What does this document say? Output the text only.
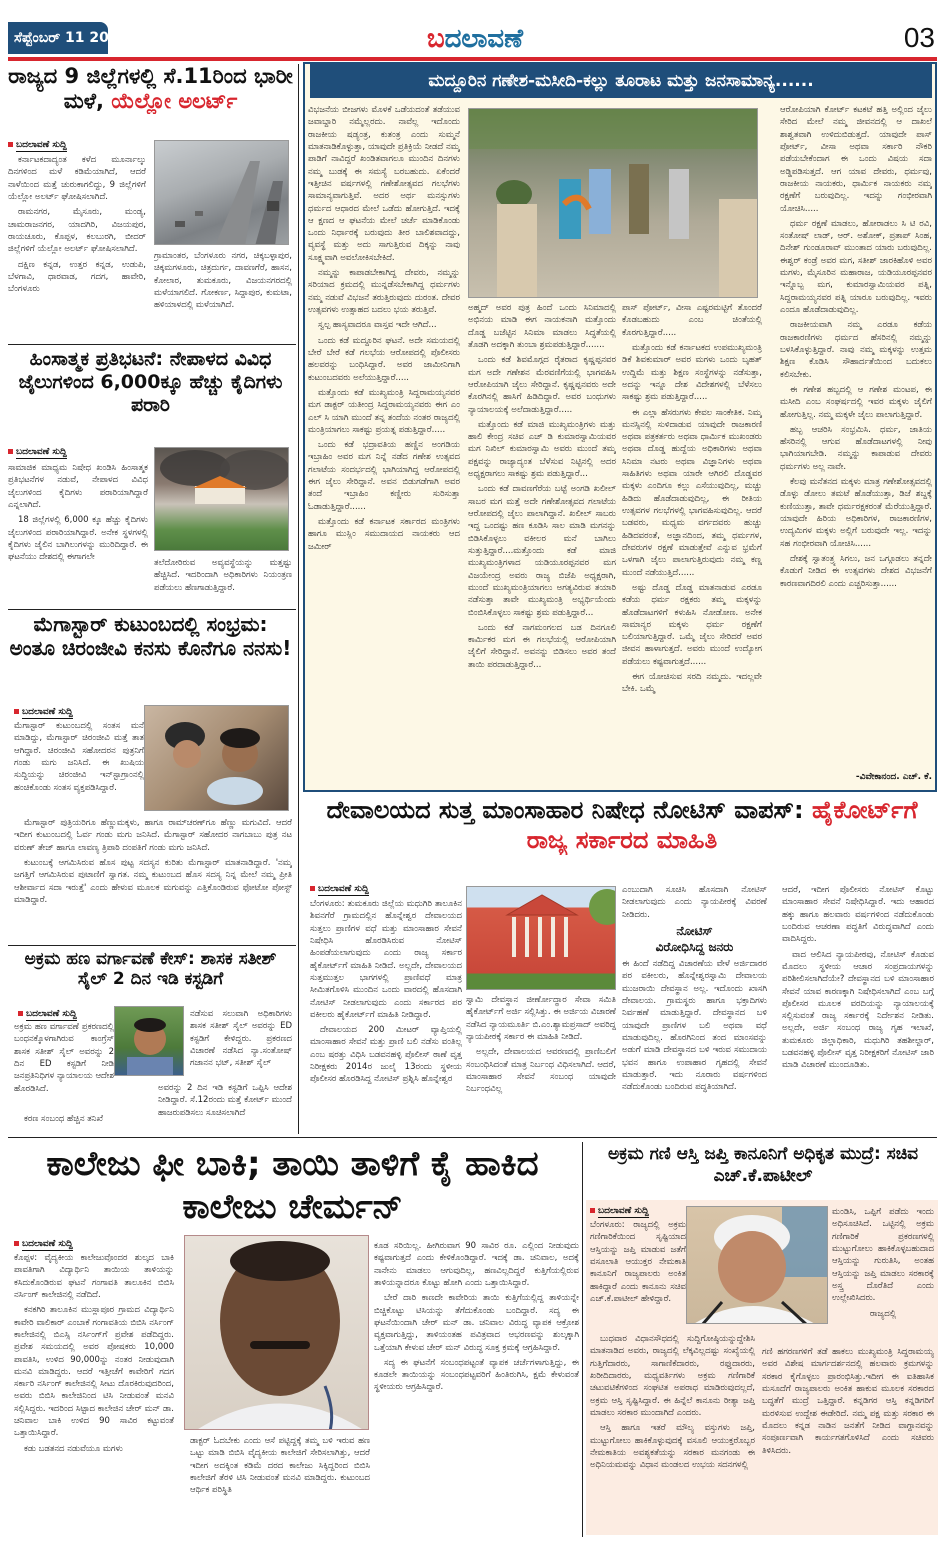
ಸೆಪ್ಟೆಂಬರ್ 11 2025	ಬದಲಾವಣೆ	03
ರಾಜ್ಯದ 9 ಜಿಲ್ಲೆಗಳಲ್ಲಿ ಸೆ.11ರಿಂದ ಭಾರೀ ಮಳೆ, ಯೆಲ್ಲೋ ಅಲರ್ಟ್
ಬದಲಾವಣೆ ಸುದ್ದಿ

ಕರ್ನಾಟಕದಾದ್ಯಂತ ಕಳೆದ ಮೂರ್ನಾಲ್ಕು ದಿನಗಳಿಂದ ಮಳೆ ಕಡಿಮೆಯಾಗಿದೆ, ಆದರೆ ನಾಳೆಯಿಂದ ಮತ್ತೆ ಚುರುಕಾಗಲಿದ್ದು, 9 ಜಿಲ್ಲೆಗಳಿಗೆ ಯೆಲ್ಲೋ ಅಲರ್ಟ್ ಘೋಷಿಸಲಾಗಿದೆ.

ರಾಮನಗರ, ಮೈಸೂರು, ಮಂಡ್ಯ, ಚಾಮರಾಜನಗರ, ಯಾದಗಿರಿ, ವಿಜಯಪುರ, ರಾಯಚೂರು, ಕೊಪ್ಪಳ, ಕಲಬುರಗಿ, ಬೀದರ್ ಜಿಲ್ಲೆಗಳಿಗೆ ಯೆಲ್ಲೋ ಅಲರ್ಟ್ ಘೋಷಿಸಲಾಗಿದೆ.

ದಕ್ಷಿಣ ಕನ್ನಡ, ಉತ್ತರ ಕನ್ನಡ, ಉಡುಪಿ, ಬೆಳಗಾವಿ, ಧಾರವಾಡ, ಗದಗ, ಹಾವೇರಿ, ಬೆಂಗಳೂರು

ಗ್ರಾಮಾಂತರ, ಬೆಂಗಳೂರು ನಗರ, ಚಿಕ್ಕಬಳ್ಳಾಪುರ, ಚಿಕ್ಕಮಗಳೂರು, ಚಿತ್ರದುರ್ಗ, ದಾವಣಗೆರೆ, ಹಾಸನ, ಕೋಲಾರ, ತುಮಕೂರು, ವಿಜಯನಗರದಲ್ಲಿ ಮಳೆಯಾಗಲಿದೆ. ಗೋಕರ್ಣ, ಸಿದ್ದಾಪುರ, ಕುಮಟಾ, ಹಳಿಯಾಳದಲ್ಲಿ ಮಳೆಯಾಗಿದೆ.

ಹಿಂಸಾತ್ಮಕ ಪ್ರತಿಭಟನೆ: ನೇಪಾಳದ ವಿವಿಧ ಜೈಲುಗಳಿಂದ 6,000ಕ್ಕೂ ಹೆಚ್ಚು ಕೈದಿಗಳು ಪರಾರಿ
ಬದಲಾವಣೆ ಸುದ್ದಿ

ಸಾಮಾಜಿಕ ಮಾಧ್ಯಮ ನಿಷೇಧ ಖಂಡಿಸಿ ಹಿಂಸಾತ್ಮಕ ಪ್ರತಿಭಟನೆಗಳ ನಡುವೆ, ನೇಪಾಳದ ವಿವಿಧ ಜೈಲುಗಳಿಂದ ಕೈದಿಗಳು ಪರಾರಿಯಾಗಿದ್ದಾರೆ ಎನ್ನಲಾಗಿದೆ.

18 ಜಿಲ್ಲೆಗಳಲ್ಲಿ 6,000 ಕ್ಕೂ ಹೆಚ್ಚು ಕೈದಿಗಳು ಜೈಲುಗಳಿಂದ ಪರಾರಿಯಾಗಿದ್ದಾರೆ. ಅನೇಕ ಸ್ಥಳಗಳಲ್ಲಿ ಕೈದಿಗಳು ಜೈಲಿನ ಬಾಗಿಲುಗಳನ್ನು ಮುರಿದಿದ್ದಾರೆ. ಈ ಘಟನೆಯು ದೇಶದಲ್ಲಿ ಈಗಾಗಲೇ

ತಲೆದೋರಿರುವ ಅವ್ಯವಸ್ಥೆಯನ್ನು ಮತ್ತಷ್ಟು ಹೆಚ್ಚಿಸಿದೆ. ಇದರಿಂದಾಗಿ ಅಧಿಕಾರಿಗಳು ನಿಯಂತ್ರಣ ಪಡೆಯಲು ಹೆಣಗಾಡುತ್ತಿದ್ದಾರೆ.

ಮೆಗಾಸ್ಟಾರ್ ಕುಟುಂಬದಲ್ಲಿ ಸಂಭ್ರಮ: ಅಂತೂ ಚಿರಂಜೀವಿ ಕನಸು ಕೊನೆಗೂ ನನಸು!
ಬದಲಾವಣೆ ಸುದ್ದಿ

ಮೆಗಾಸ್ಟಾರ್ ಕುಟುಂಬದಲ್ಲಿ ಸಂತಸ ಮನೆ ಮಾಡಿದ್ದು, ಮೆಗಾಸ್ಟಾರ್ ಚಿರಂಜೀವಿ ಮತ್ತೆ ತಾತ ಆಗಿದ್ದಾರೆ. ಚಿರಂಜೀವಿ ಸಹೋದರನ ಪುತ್ರನಿಗೆ ಗಂಡು ಮಗು ಜನಿಸಿದೆ. ಈ ಖುಷಿಯ ಸುದ್ದಿಯನ್ನು ಚಿರಂಜೀವಿ ಇನ್‌ಸ್ಟಾಗ್ರಾಂನಲ್ಲಿ ಹಂಚಿಕೊಂಡು ಸಂತಸ ವ್ಯಕ್ತಪಡಿಸಿದ್ದಾರೆ.

ಮೆಗಾಸ್ಟಾರ್ ಪುತ್ರಿಯರಿಗೂ ಹೆಣ್ಣುಮಕ್ಕಳು, ಹಾಗೂ ರಾಮ್‌ಚರಣ್‌ಗೂ ಹೆಣ್ಣು ಮಗುವಿದೆ. ಆದರೆ ಇದೀಗ ಕುಟುಂಬದಲ್ಲಿ ಓರ್ವ ಗಂಡು ಮಗು ಜನಿಸಿದೆ. ಮೆಗಾಸ್ಟಾರ್ ಸಹೋದರ ನಾಗಬಾಬು ಪುತ್ರ ನಟ ವರುಣ್ ತೇಜ್ ಹಾಗೂ ಲಾವಣ್ಯ ತ್ರಿಪಾಠಿ ದಂಪತಿಗೆ ಗಂಡು ಮಗು ಜನಿಸಿದೆ.

ಕುಟುಂಬಕ್ಕೆ ಆಗಮಿಸಿರುವ ಹೊಸ ಪುಟ್ಟ ಸದಸ್ಯನ ಕುರಿತು ಮೆಗಾಸ್ಟಾರ್ ಮಾತನಾಡಿದ್ದಾರೆ. 'ನಮ್ಮ ಜಗತ್ತಿಗೆ ಆಗಮಿಸಿರುವ ಪುಟಾಣಿಗೆ ಸ್ವಾಗತ. ನಮ್ಮ ಕುಟುಂಬದ ಹೊಸ ಸದಸ್ಯ ನಿನ್ನ ಮೇಲೆ ನಮ್ಮ ಪ್ರೀತಿ ಆಶೀರ್ವಾದ ಸದಾ ಇರುತ್ತೆ' ಎಂದು ಹೇಳುವ ಮೂಲಕ ಮಗುವನ್ನು ಎತ್ತಿಕೊಂಡಿರುವ ಫೋಟೋ ಪೋಸ್ಟ್ ಮಾಡಿದ್ದಾರೆ.

ಅಕ್ರಮ ಹಣ ವರ್ಗಾವಣೆ ಕೇಸ್: ಶಾಸಕ ಸತೀಶ್ ಸೈಲ್ 2 ದಿನ ಇಡಿ ಕಸ್ಟಡಿಗೆ
ಬದಲಾವಣೆ ಸುದ್ದಿ

ಅಕ್ರಮ ಹಣ ವರ್ಗಾವಣೆ ಪ್ರಕರಣದಲ್ಲಿ ಬಂಧನಕ್ಕೊಳಗಾಗಿರುವ ಕಾಂಗ್ರೆಸ್ ಶಾಸಕ ಸತೀಶ್ ಸೈಲ್ ಅವರನ್ನು 2 ದಿನ ED ಕಸ್ಟಡಿಗೆ ನೀಡಿ ಜನಪ್ರತಿನಿಧಿಗಳ ನ್ಯಾಯಾಲಯ ಆದೇಶ ಹೊರಡಿಸಿದೆ.

ಕರಣ ಸಂಬಂಧ ಹೆಚ್ಚಿನ ತನಿಖೆ

ನಡೆಸುವ ಸಲುವಾಗಿ ಅಧಿಕಾರಿಗಳು ಶಾಸಕ ಸತೀಶ್ ಸೈಲ್ ಅವರನ್ನು ED ಕಸ್ಟಡಿಗೆ ಕೇಳಿದ್ದರು. ಪ್ರಕರಣದ ವಿಚಾರಣೆ ನಡೆಸಿದ ನ್ಯಾ.ಸಂತೋಷ್ ಗಜಾನನ ಭಟ್, ಸತೀಶ್ ಸೈಲ್

ಅವರನ್ನು 2 ದಿನ ಇಡಿ ಕಸ್ಟಡಿಗೆ ಒಪ್ಪಿಸಿ ಆದೇಶ ನೀಡಿದ್ದಾರೆ. ಸೆ.12ರಂದು ಮತ್ತೆ ಕೋರ್ಟ್ ಮುಂದೆ ಹಾಜರುಪಡಿಸಲು ಸೂಚಿಸಲಾಗಿದೆ

ಮದ್ದೂರಿನ ಗಣೇಶ-ಮಸೀದಿ-ಕಲ್ಲು ತೂರಾಟ ಮತ್ತು ಜನಸಾಮಾನ್ಯ......

ವಿಭಜನೆಯ ಬೀಜಗಳು ಮೊಳಕೆ ಒಡೆಯದಂತೆ ತಡೆಯುವ ಜವಾಬ್ದಾರಿ ನಮ್ಮೆಲ್ಲರದು. ನಾವೆಲ್ಲ ಇದೊಂದು ರಾಜಕೀಯ ಷಡ್ಯಂತ್ರ, ಕುತಂತ್ರ ಎಂದು ಸುಮ್ಮನೆ ಮಾತನಾಡಿಕೊಳ್ಳುತ್ತಾ, ಯಾವುದೇ ಪ್ರತಿಕ್ರಿಯೆ ನೀಡದೆ ನಮ್ಮ ಪಾಡಿಗೆ ನಾವಿದ್ದರೆ ಖಂಡಿತವಾಗಲೂ ಮುಂದಿನ ದಿನಗಳು ನಮ್ಮ ಬುಡಕ್ಕೆ ಈ ಸಮಸ್ಯೆ ಬರಬಹುದು. ಏಕೆಂದರೆ ಇತ್ತೀಚಿನ ವರ್ಷಗಳಲ್ಲಿ ಗಣೇಶೋತ್ಸವದ ಗಲಭೆಗಳು ಸಾಮಾನ್ಯವಾಗುತ್ತಿವೆ. ಅದರ ಅರ್ಥ ಮನಸ್ಸುಗಳು ಧರ್ಮದ ಆಧಾರದ ಮೇಲೆ ಒಡೆದು ಹೋಗುತ್ತಿದೆ. ಇದಕ್ಕೆ ಆ ಕ್ಷಣದ ಆ ಘಟನೆಯ ಮೇಲೆ ಚರ್ಚೆ ಮಾಡಿಕೊಂಡು ಒಂದು ನಿರ್ಧಾರಕ್ಕೆ ಬರುವುದು ತೀರ ಬಾಲಿಶವಾದದ್ದು, ವ್ಯವಸ್ಥೆ ಮತ್ತು ಅದು ಸಾಗುತ್ತಿರುವ ದಿಕ್ಕನ್ನು ನಾವು ಸೂಕ್ಷ್ಮವಾಗಿ ಅವಲೋಕಿಸಬೇಕಿದೆ.

ನಮ್ಮನ್ನು ಕಾಪಾಡಬೇಕಾಗಿದ್ದ ದೇವರು, ನಮ್ಮನ್ನು ಸರಿಯಾದ ಕ್ರಮದಲ್ಲಿ ಮುನ್ನಡೆಸಬೇಕಾಗಿದ್ದ ಧರ್ಮಗಳು ನಮ್ಮ ನಡುವೆ ವಿಭಜನೆ ತರುತ್ತಿರುವುದು ದುರಂತ. ದೇವರ ಉತ್ಸವಗಳು ಉತ್ಸಾಹದ ಬದಲು ಭಯ ತರುತ್ತಿವೆ.

ಸ್ವಲ್ಪ ಹಾಸ್ಯವಾದರೂ ವಾಸ್ತವ ಇದೇ ಆಗಿದೆ...

ಒಂದು ಕಡೆ ಮದ್ದೂರಿನ ಘಟನೆ. ಅದೇ ಸಮಯದಲ್ಲಿ ಬೇರೆ ಬೇರೆ ಕಡೆ ಗಲಭೆಯ ಆರೋಪದಲ್ಲಿ ಪೊಲೀಸರು ಹಲವರನ್ನು ಬಂಧಿಸಿದ್ದಾರೆ. ಅವರ ಜಾಮೀನಿಗಾಗಿ ಕುಟುಂಬದವರು ಅಲೆಯುತ್ತಿದ್ದಾರೆ.....

ಮತ್ತೊಂದು ಕಡೆ ಮುಖ್ಯಮಂತ್ರಿ ಸಿದ್ದರಾಮಯ್ಯನವರ ಮಗ ಡಾಕ್ಟರ್ ಯತೀಂದ್ರ ಸಿದ್ದರಾಮಯ್ಯನವರು ಈಗ ಎಂ ಎಲ್ ಸಿ ಯಾಗಿ ಮುಂದೆ ತನ್ನ ತಂದೆಯ ನಂತರ ರಾಜ್ಯದಲ್ಲಿ ಮಂತ್ರಿಯಾಗಲು ಸಾಕಷ್ಟು ಪ್ರಯತ್ನ ಪಡುತ್ತಿದ್ದಾರೆ.....

ಒಂದು ಕಡೆ ಭದ್ರಾವತಿಯ ಹಣ್ಣಿನ ಅಂಗಡಿಯ ಇಬ್ರಾಹಿಂ ಅವರ ಮಗ ನಿನ್ನೆ ನಡೆದ ಗಣೇಶ ಉತ್ಸವದ ಗಲಾಟೆಯ ಸಂದರ್ಭದಲ್ಲಿ ಭಾಗಿಯಾಗಿದ್ದ ಆರೋಪದಲ್ಲಿ ಈಗ ಜೈಲು ಸೇರಿದ್ದಾನೆ. ಅವನ ಬಿಡುಗಡೆಗಾಗಿ ಅವರ ತಂದೆ ಇಬ್ರಾಹಿಂ ಕಣ್ಣೀರು ಸುರಿಸುತ್ತಾ ಓಡಾಡುತ್ತಿದ್ದಾರೆ......

ಮತ್ತೊಂದು ಕಡೆ ಕರ್ನಾಟಕ ಸರ್ಕಾರದ ಮಂತ್ರಿಗಳು ಹಾಗೂ ಮುಸ್ಲಿಂ ಸಮುದಾಯದ ನಾಯಕರು ಆದ ಜಮೀರ್

ಅಹ್ಮದ್ ಅವರ ಪುತ್ರ ಹಿಂದೆ ಒಂದು ಸಿನಿಮಾದಲ್ಲಿ ಅಭಿನಯ ಮಾಡಿ ಈಗ ನಾಯಕನಾಗಿ ಮತ್ತೊಂದು ದೊಡ್ಡ ಬಜೆಟ್ಟಿನ ಸಿನಿಮಾ ಮಾಡಲು ಸಿದ್ಧತೆಯಲ್ಲಿ ತೊಡಗಿ ಅದಕ್ಕಾಗಿ ತುಂಬಾ ಶ್ರಮಪಡುತ್ತಿದ್ದಾರೆ.......

ಒಂದು ಕಡೆ ಶಿವಮೊಗ್ಗದ ರೈತರಾದ ಕೃಷ್ಣಪ್ಪನವರ ಮಗ ಅದೇ ಗಣೇಶನ ಮೆರವಣಿಗೆಯಲ್ಲಿ ಭಾಗವಹಿಸಿ ಆರೋಪಿಯಾಗಿ ಜೈಲು ಸೇರಿದ್ದಾನೆ. ಕೃಷ್ಣಪ್ಪನವರು ಅದೇ ಕೊರಗಿನಲ್ಲಿ ಹಾಸಿಗೆ ಹಿಡಿದಿದ್ದಾರೆ. ಅವರ ಬಂಧುಗಳು ನ್ಯಾಯಾಲಯಕ್ಕೆ ಅಲೆದಾಡುತ್ತಿದ್ದಾರೆ.....

ಮತ್ತೊಂದು ಕಡೆ ಮಾಜಿ ಮುಖ್ಯಮಂತ್ರಿಗಳು ಮತ್ತು ಹಾಲಿ ಕೇಂದ್ರ ಸಚಿವ ಎಚ್ ಡಿ ಕುಮಾರಸ್ವಾಮಿಯವರ ಮಗ ನಿಖಿಲ್ ಕುಮಾರಸ್ವಾಮಿ ಅವರು ಮುಂದೆ ತಮ್ಮ ಪಕ್ಷವನ್ನು ರಾಜ್ಯಾದ್ಯಂತ ಬೆಳೆಸುವ ನಿಟ್ಟಿನಲ್ಲಿ ಅದರ ಅಧ್ಯಕ್ಷರಾಗಲು ಸಾಕಷ್ಟು ಶ್ರಮ ಪಡುತ್ತಿದ್ದಾರೆ...

ಒಂದು ಕಡೆ ದಾವಣಗೆರೆಯ ಬಟ್ಟೆ ಅಂಗಡಿ ಖಲೀಲ್ ಸಾಬರ ಮಗ ಮತ್ತೆ ಅದೇ ಗಣೇಶೋತ್ಸವದ ಗಲಾಟೆಯ ಆರೋಪದಲ್ಲಿ ಜೈಲು ಪಾಲಾಗಿದ್ದಾನೆ. ಖಲೀಲ್ ಸಾಬರು ಇದ್ದ ಒಂದಷ್ಟು ಹಣ ಕೂಡಿಸಿ ಸಾಲ ಮಾಡಿ ಮಗನನ್ನು ಬಿಡಿಸಿಕೊಳ್ಳಲು ವಕೀಲರ ಮನೆ ಬಾಗಿಲು ಸುತ್ತುತ್ತಿದ್ದಾರೆ....ಮತ್ತೊಂದು ಕಡೆ ಮಾಜಿ ಮುಖ್ಯಮಂತ್ರಿಗಳಾದ ಯಡಿಯೂರಪ್ಪನವರ ಮಗ ವಿಜಯೇಂದ್ರ ಅವರು ರಾಜ್ಯ ಬಿಜೆಪಿ ಅಧ್ಯಕ್ಷರಾಗಿ, ಮುಂದೆ ಮುಖ್ಯಮಂತ್ರಿಯಾಗಲು ಅಗತ್ಯವಿರುವ ತಯಾರಿ ನಡೆಸುತ್ತಾ ತಾವೇ ಮುಖ್ಯಮಂತ್ರಿ ಅಭ್ಯರ್ಥಿಯೆಂದು ಬಿಂಬಿಸಿಕೊಳ್ಳಲು ಸಾಕಷ್ಟು ಶ್ರಮ ಪಡುತ್ತಿದ್ದಾರೆ...

ಒಂದು ಕಡೆ ನಾಗಮಂಗಲದ ಬಡ ದಿನಗೂಲಿ ಕಾರ್ಮಿಕರ ಮಗ ಈ ಗಲಭೆಯಲ್ಲಿ ಆರೋಪಿಯಾಗಿ ಜೈಲಿಗೆ ಸೇರಿದ್ದಾನೆ. ಅವನನ್ನು ಬಿಡಿಸಲು ಅವರ ತಂದೆ ತಾಯಿ ಪರದಾಡುತ್ತಿದ್ದಾರೆ...

ಪಾಸ್ ಪೋರ್ಟ್, ವೀಸಾ ಎಷ್ಟರಮಟ್ಟಿಗೆ ತೊಂದರೆ ಕೊಡಬಹುದು ಎಂಬ ಚಿಂತೆಯಲ್ಲಿ ಕೊರಗುತ್ತಿದ್ದಾರೆ.....

ಮತ್ತೊಂದು ಕಡೆ ಕರ್ನಾಟಕದ ಉಪಮುಖ್ಯಮಂತ್ರಿ ಡಿಕೆ ಶಿವಕುಮಾರ್ ಅವರ ಮಗಳು ಒಂದು ಬೃಹತ್ ಉದ್ದಿಮೆ ಮತ್ತು ಶಿಕ್ಷಣ ಸಂಸ್ಥೆಗಳನ್ನು ನಡೆಸುತ್ತಾ, ಅದನ್ನು ಇನ್ನೂ ದೇಶ ವಿದೇಶಗಳಲ್ಲಿ ಬೆಳೆಸಲು ಸಾಕಷ್ಟು ಶ್ರಮ ಪಡುತ್ತಿದ್ದಾರೆ.....

ಈ ಎಲ್ಲಾ ಹೆಸರುಗಳು ಕೇವಲ ಸಾಂಕೇತಿಕ. ನಿಮ್ಮ ಮನಸ್ಸಿನಲ್ಲಿ ಸುಳಿದಾಡುವ ಯಾವುದೇ ರಾಜಕಾರಣಿ ಅಥವಾ ಪತ್ರಕರ್ತರು ಅಥವಾ ಧಾರ್ಮಿಕ ಮುಖಂಡರು ಅಥವಾ ದೊಡ್ಡ ಹುದ್ದೆಯ ಅಧಿಕಾರಿಗಳು ಅಥವಾ ಸಿನಿಮಾ ನಟರು ಅಥವಾ ವಿಜ್ಞಾನಿಗಳು ಅಥವಾ ಸಾಹಿತಿಗಳು ಅಥವಾ ಯಾರೇ ಆಗಿರಲಿ ದೊಡ್ಡವರ ಮಕ್ಕಳು ಎಂದಿಗೂ ಕಲ್ಲು ಎಸೆಯುವುದಿಲ್ಲ, ಮಚ್ಚು ಹಿಡಿದು ಹೊಡೆದಾಡುವುದಿಲ್ಲ, ಈ ರೀತಿಯ ಉತ್ಸವಗಳ ಗಲಭೆಗಳಲ್ಲಿ ಭಾಗವಹಿಸುವುದಿಲ್ಲ. ಆದರೆ ಬಡವರು, ಮಧ್ಯಮ ವರ್ಗದವರು ಹುಚ್ಚು ಹಿಡಿದವರಂತೆ, ಅಜ್ಞಾನದಿಂದ, ತಮ್ಮ ಧರ್ಮಗಳ, ದೇವರುಗಳ ರಕ್ಷಣೆ ಮಾಡುತ್ತೇವೆ ಎನ್ನುವ ಭ್ರಮೆಗೆ ಒಳಗಾಗಿ ಜೈಲು ಪಾಲಾಗುತ್ತಿರುವುದು ನಮ್ಮ ಕಣ್ಣ ಮುಂದೆ ನಡೆಯುತ್ತಿದೆ......

ಅಷ್ಟು ದೊಡ್ಡ ದೊಡ್ಡ ಮಾತನಾಡುವ ಎರಡೂ ಕಡೆಯ ಧರ್ಮ ರಕ್ಷಕರು ತಮ್ಮ ಮಕ್ಕಳನ್ನು ಹೊಡೆದಾಟಗಳಿಗೆ ಕಳುಹಿಸಿ ನೋಡೋಣ. ಅನೇಕ ಸಾಮಾನ್ಯರ ಮಕ್ಕಳು ಧರ್ಮ ರಕ್ಷಣೆಗೆ ಬಲಿಯಾಗುತ್ತಿದ್ದಾರೆ. ಒಮ್ಮೆ ಜೈಲು ಸೇರಿದರೆ ಅವರ ಜೀವನ ಹಾಳಾಗುತ್ತದೆ. ಅವರು ಮುಂದೆ ಉದ್ಯೋಗ ಪಡೆಯಲು ಕಷ್ಟವಾಗುತ್ತದೆ......

ಈಗ ಯೋಚಿಸುವ ಸರದಿ ನಮ್ಮದು. ಇದಲ್ಲವೇ ಬೇಕಿ. ಒಮ್ಮೆ

ಆರೋಪಿಯಾಗಿ ಕೋರ್ಟ್ ಕಟಕಟೆ ಹತ್ತಿ ಅಲ್ಲಿಂದ ಜೈಲು ಸೇರಿದ ಮೇಲೆ ನಮ್ಮ ಜೀವನದಲ್ಲಿ ಆ ದಾಖಲೆ ಶಾಶ್ವತವಾಗಿ ಉಳಿದುಬಿಡುತ್ತದೆ. ಯಾವುದೇ ಪಾಸ್ ಪೋರ್ಟ್, ವೀಸಾ ಅಥವಾ ಸರ್ಕಾರಿ ನೌಕರಿ ಪಡೆಯಬೇಕೆಂದಾಗ ಈ ಒಂದು ವಿಷಯ ಸದಾ ಅಡ್ಡಿಪಡಿಸುತ್ತದೆ. ಆಗ ಯಾವ ದೇವರು, ಧರ್ಮವು, ರಾಜಕೀಯ ನಾಯಕರು, ಧಾರ್ಮಿಕ ನಾಯಕರು ನಮ್ಮ ರಕ್ಷಣೆಗೆ ಬರುವುದಿಲ್ಲ. ಇದನ್ನು ಗಂಭೀರವಾಗಿ ಯೋಚಿಸಿ.....

ಧರ್ಮ ರಕ್ಷಣೆ ಮಾಡಲು, ಹೋರಾಡಲು ಸಿ ಟಿ ರವಿ, ಸಂತೋಷ್ ಲಾಡ್, ಆರ್. ಅಶೋಕ್, ಪ್ರತಾಪ್ ಸಿಂಹ, ದಿನೇಶ್ ಗುಂಡೂರಾವ್ ಮುಂತಾದ ಯಾರು ಬರುವುದಿಲ್ಲ. ಈಶ್ವರ್ ಕಂಡ್ರೆ ಅವರ ಮಗ, ಸತೀಶ್ ಜಾರಕಿಹೊಳಿ ಅವರ ಮಗಳು, ಮೈಸೂರಿನ ಮಹಾರಾಜ, ಯಡಿಯೂರಪ್ಪನವರ ಇನ್ನೊಬ್ಬ ಮಗ, ಕುಮಾರಸ್ವಾಮಿಯವರ ಪತ್ನಿ, ಸಿದ್ದರಾಮಯ್ಯನವರ ಪತ್ನಿ ಯಾರೂ ಬರುವುದಿಲ್ಲ. ಇವರು ಎಂದೂ ಹೊಡೆದಾಡುವುದಿಲ್ಲ.

ರಾಜಕೀಯವಾಗಿ ನಮ್ಮ ಎರಡೂ ಕಡೆಯ ರಾಜಕಾರಣಿಗಳು ಧರ್ಮದ ಹೆಸರಿನಲ್ಲಿ ನಮ್ಮನ್ನು ಬಳಸಿಕೊಳ್ಳುತ್ತಿದ್ದಾರೆ. ನಾವು ನಮ್ಮ ಮಕ್ಕಳನ್ನು ಉತ್ತಮ ಶಿಕ್ಷಣ ಕೊಡಿಸಿ ಸೌಹಾರ್ದತೆಯಿಂದ ಬದುಕಲು ಕಲಿಸಬೇಕು.

ಈ ಗಣೇಶ ಹಬ್ಬದಲ್ಲಿ ಆ ಗಣೇಶ ಮಂಟಪ, ಈ ಮಸೀದಿ ಎಂಬ ಸಂಘರ್ಷದಲ್ಲಿ ಇವರ ಮಕ್ಕಳು ಜೈಲಿಗೆ ಹೋಗುತ್ತಿಲ್ಲ. ನಮ್ಮ ಮಕ್ಕಳೇ ಜೈಲು ಪಾಲಾಗುತ್ತಿದ್ದಾರೆ.

ಹಬ್ಬ ಆಚರಿಸಿ ಸಂಭ್ರಮಿಸಿ. ಧರ್ಮ, ಜಾತಿಯ ಹೆಸರಿನಲ್ಲಿ ಆಗುವ ಹೊಡೆದಾಟಗಳಲ್ಲಿ ನೀವು ಭಾಗಿಯಾಗಬೇಡಿ. ನಮ್ಮನ್ನು ಕಾಪಾಡುವ ದೇವರು ಧರ್ಮಗಳು ಅಲ್ಲ ನಾವೇ.

ಕೆಲವು ಮನೆತನದ ಮಕ್ಕಳು ಮಾತ್ರ ಗಣೇಶೋತ್ಸವದಲ್ಲಿ ಡೊಳ್ಳು ಡೋಲು ತಮಟೆ ಹೊಡೆಯುತ್ತಾ, ಡಿಜೆ ಶಬ್ದಕ್ಕೆ ಕುಣಿಯುತ್ತಾ, ತಾವೇ ಧರ್ಮರಕ್ಷಕರಂತೆ ಮೆರೆಯುತ್ತಿದ್ದಾರೆ. ಯಾವುದೇ ಹಿರಿಯ ಅಧಿಕಾರಿಗಳ, ರಾಜಕಾರಣಿಗಳ, ಉದ್ಯಮಿಗಳ ಮಕ್ಕಳು ಅಲ್ಲಿಗೆ ಬರುವುದೇ ಇಲ್ಲ. ಇದನ್ನು ಸಹ ಗಂಭೀರವಾಗಿ ಯೋಚಿಸಿ......

ದೇಶಕ್ಕೆ ಸ್ವಾತಂತ್ರ್ಯ ಸಿಗಲು, ಜನ ಒಗ್ಗೂಡಲು ತನ್ನದೇ ಕೊಡುಗೆ ನೀಡಿದ ಈ ಉತ್ಸವಗಳು ದೇಶದ ವಿಭಜನೆಗೆ ಕಾರಣವಾಗದಿರಲಿ ಎಂದು ಎಚ್ಚರಿಸುತ್ತಾ......

-ವಿವೇಕಾನಂದ. ಎಚ್. ಕೆ.
ದೇವಾಲಯದ ಸುತ್ತ ಮಾಂಸಾಹಾರ ನಿಷೇಧ ನೋಟಿಸ್ ವಾಪಸ್: ಹೈಕೋರ್ಟ್‌ಗೆ ರಾಜ್ಯ ಸರ್ಕಾರದ ಮಾಹಿತಿ
ಬದಲಾವಣೆ ಸುದ್ದಿ

ಬೆಂಗಳೂರು: ತುಮಕೂರು ಜಿಲ್ಲೆಯ ಮಧುಗಿರಿ ತಾಲೂಕಿನ ಶಿವನಗೆರೆ ಗ್ರಾಮದಲ್ಲಿನ ಹೊನ್ನೇಶ್ವರ ದೇವಾಲಯದ ಸುತ್ತಲು ಪ್ರಾಣಿಗಳ ವಧೆ ಮತ್ತು ಮಾಂಸಾಹಾರ ಸೇವನೆ ನಿಷೇಧಿಸಿ ಹೊರಡಿಸಿರುವ ನೋಟಿಸ್ ಹಿಂಪಡೆಯಲಾಗುವುದು ಎಂದು ರಾಜ್ಯ ಸರ್ಕಾರ ಹೈಕೋರ್ಟ್‌ಗೆ ಮಾಹಿತಿ ನೀಡಿದೆ. ಅಲ್ಲದೇ, ದೇವಾಲಯದ ಸುತ್ತಮುತ್ತಲ ಭಾಗಗಳಲ್ಲಿ ಪ್ರಾಣಿವಧೆ ಮಾತ್ರ ಸೀಮಿತಗೊಳಿಸಿ ಮುಂದಿನ ಒಂದು ವಾರದಲ್ಲಿ ಹೊಸದಾಗಿ ನೋಟಿಸ್ ನೀಡಲಾಗುವುದು ಎಂದು ಸರ್ಕಾರದ ಪರ ವಕೀಲರು ಹೈಕೋರ್ಟ್‌ಗೆ ಮಾಹಿತಿ ನೀಡಿದ್ದಾರೆ.

ದೇವಾಲಯದ 200 ಮೀಟರ್ ವ್ಯಾಪ್ತಿಯಲ್ಲಿ ಮಾಂಸಾಹಾರ ಸೇವನೆ ಮತ್ತು ಪ್ರಾಣಿ ಬಲಿ ನಡೆಸು ವಂತಿಲ್ಲ ಎಂಬ ಷರತ್ತು ವಿಧಿಸಿ ಬಡವನಹಳ್ಳಿ ಪೊಲೀಸ್ ಠಾಣೆ ವೃತ್ತ ನಿರೀಕ್ಷಕರು 2014ರ ಜುಲೈ 13ರಂದು ಸ್ಥಳೀಯ ಪೊಲೀಸರ ಹೊರಡಿಸಿದ್ದ ನೋಟಿಸ್ ಪ್ರಶ್ನಿಸಿ ಹೊನ್ನೇಶ್ವರ

ಸ್ವಾಮಿ ದೇವಸ್ಥಾನ ಜೀರ್ಣೋದ್ಧಾರ ಸೇವಾ ಸಮಿತಿ ಹೈಕೋರ್ಟ್‌ಗೆ ಅರ್ಜಿ ಸಲ್ಲಿಸಿತ್ತು. ಈ ಅರ್ಜಿಯ ವಿಚಾರಣೆ ನಡೆಸಿದ ನ್ಯಾಯಮೂರ್ತಿ ಬಿ.ಎಂ.ಶ್ಯಾಮಪ್ರಸಾದ್ ಅವರಿದ್ದ ನ್ಯಾಯಪೀಠಕ್ಕೆ ಸರ್ಕಾರ ಈ ಮಾಹಿತಿ ನೀಡಿದೆ.

ಅಲ್ಲದೇ, ದೇವಾಲಯದ ಆವರಣದಲ್ಲಿ ಪ್ರಾಣಿಬಲಿಗೆ ಸಂಬಂಧಿಸಿದಂತೆ ಮಾತ್ರ ನಿರ್ಬಂಧ ವಿಧಿಸಲಾಗಿದೆ. ಆದರೆ, ಮಾಂಸಾಹಾರ ಸೇವನೆ ಸಂಬಂಧ ಯಾವುದೇ ನಿರ್ಬಂಧವಿಲ್ಲ

ಎಂಬುದಾಗಿ ಸೂಚಿಸಿ ಹೊಸದಾಗಿ ನೋಟಿಸ್ ನೀಡಲಾಗುವುದು ಎಂದು ನ್ಯಾಯಪೀಠಕ್ಕೆ ವಿವರಣೆ ನೀಡಿದರು.

ನೋಟಿಸ್
ವಿರೋಧಿಸಿದ್ದ ಜನರು

ಈ ಹಿಂದೆ ನಡೆದಿದ್ದ ವಿಚಾರಣೆಯ ವೇಳೆ ಅರ್ಜಿದಾರರ ಪರ ವಕೀಲರು, ಹೊನ್ನೇಶ್ವರಸ್ವಾಮಿ ದೇವಾಲಯ ಮುಜರಾಯಿ ದೇವಸ್ಥಾನ ಅಲ್ಲ. ಇದೊಂದು ಖಾಸಗಿ ದೇವಾಲಯ. ಗ್ರಾಮಸ್ಥರು ಹಾಗೂ ಭಕ್ತಾದಿಗಳು ನಿರ್ವಹಣೆ ಮಾಡುತ್ತಿದ್ದಾರೆ. ದೇವಸ್ಥಾನದ ಬಳಿ ಯಾವುದೇ ಪ್ರಾಣಿಗಳ ಬಲಿ ಅಥವಾ ವಧೆ ಮಾಡುವುದಿಲ್ಲ. ಹೊರಗಿನಿಂದ ತಂದ ಮಾಂಸವನ್ನು ಅಡುಗೆ ಮಾಡಿ ದೇವಸ್ಥಾನದ ಬಳಿ ಇರುವ ಸಮುದಾಯ ಭವನ ಹಾಗೂ ಉಪಾಹಾರ ಗೃಹದಲ್ಲಿ ಸೇವನೆ ಮಾಡುತ್ತಾರೆ. ಇದು ನೂರಾರು ವರ್ಷಗಳಿಂದ ನಡೆದುಕೊಂಡು ಬಂದಿರುವ ಪದ್ಧತಿಯಾಗಿದೆ.

ಆದರೆ, ಇದೀಗ ಪೊಲೀಸರು ನೋಟಿಸ್ ಕೊಟ್ಟು ಮಾಂಸಾಹಾರ ಸೇವನೆ ನಿಷೇಧಿಸಿದ್ದಾರೆ. ಇದು ಆಹಾರದ ಹಕ್ಕು ಹಾಗೂ ಹಲವಾರು ವರ್ಷಗಳಿಂದ ನಡೆದುಕೊಂಡು ಬಂದಿರುವ ಆಚರಣಾ ಪದ್ಧತಿಗೆ ವಿರುದ್ಧವಾಗಿದೆ ಎಂದು ವಾದಿಸಿದ್ದರು.

ವಾದ ಆಲಿಸಿದ ನ್ಯಾಯಪೀಠವು, ನೋಟಿಸ್ ಕೊಡುವ ಮೊದಲು ಸ್ಥಳೀಯ ಆಚಾರ ಸಂಪ್ರದಾಯಗಳನ್ನು ಪರಿಶೀಲಿಸಲಾಗಿದೆಯೇ? ದೇವಸ್ಥಾನದ ಬಳಿ ಮಾಂಸಾಹಾರ ಸೇವನೆ ಯಾವ ಕಾರಣಕ್ಕಾಗಿ ನಿಷೇಧಿಸಲಾಗಿದೆ ಎಂಬ ಬಗ್ಗೆ ಪೊಲೀಸರ ಮೂಲಕ ವರದಿಯನ್ನು ನ್ಯಾಯಾಲಯಕ್ಕೆ ಸಲ್ಲಿಸುವಂತೆ ರಾಜ್ಯ ಸರ್ಕಾರಕ್ಕೆ ನಿರ್ದೇಶನ ನೀಡಿತು. ಅಲ್ಲದೇ, ಅರ್ಜಿ ಸಂಬಂಧ ರಾಜ್ಯ ಗೃಹ ಇಲಾಖೆ, ತುಮಕೂರು ಜಿಲ್ಲಾಧಿಕಾರಿ, ಮಧುಗಿರಿ ತಹಶೀಲ್ದಾರ್, ಬಡವನಹಳ್ಳಿ ಪೊಲೀಸ್ ವೃತ್ತ ನಿರೀಕ್ಷಕರಿಗೆ ನೋಟಿಸ್ ಜಾರಿ ಮಾಡಿ ವಿಚಾರಣೆ ಮುಂದೂಡಿತು.

ಕಾಲೇಜು ಫೀ ಬಾಕಿ; ತಾಯಿ ತಾಳಿಗೆ ಕೈ ಹಾಕಿದ ಕಾಲೇಜು ಚೇರ್ಮನ್
ಬದಲಾವಣೆ ಸುದ್ದಿ

ಕೊಪ್ಪಳ: ವೈದ್ಯಕೀಯ ಕಾಲೇಜುವೊಂದರ ಶುಲ್ಕದ ಬಾಕಿ ಪಾವತಿಗಾಗಿ ವಿದ್ಯಾರ್ಥಿನಿ ತಾಯಿಯ ತಾಳಿಯನ್ನು ಕಸಿದುಕೊಂಡಿರುವ ಘಟನೆ ಗಂಗಾವತಿ ತಾಲೂಕಿನ ಬಿಬಿಸಿ ನರ್ಸಿಂಗ್ ಕಾಲೇಜಿನಲ್ಲಿ ನಡೆದಿದೆ.

ಕನಕಗಿರಿ ತಾಲೂಕಿನ ಮುಸ್ಲಾಪೂರ ಗ್ರಾಮದ ವಿದ್ಯಾರ್ಥಿನಿ ಕಾವೇರಿ ವಾಲಿಕಾರ್ ಎಂಬಾಕೆ ಗಂಗಾವತಿಯ ಬಿಬಿಸಿ ನರ್ಸಿಂಗ್ ಕಾಲೇಜಿನಲ್ಲಿ ಬಿಎಸ್ಸಿ ನರ್ಸಿಂಗ್‌ಗೆ ಪ್ರವೇಶ ಪಡೆದಿದ್ದರು. ಪ್ರವೇಶ ಸಮಯದಲ್ಲಿ ಅವರ ಪೋಷಕರು 10,000 ಪಾವತಿಸಿ, ಉಳಿದ 90,000ನ್ನು ನಂತರ ನೀಡುವುದಾಗಿ ಮನವಿ ಮಾಡಿದ್ದರು. ಆದರೆ ಇತ್ತೀಚೆಗೆ ಕಾವೇರಿಗೆ ಗದಗ ಸರ್ಕಾರಿ ನರ್ಸಿಂಗ್ ಕಾಲೇಜಿನಲ್ಲಿ ಸೀಟು ದೊರಕಿರುವುದರಿಂದ, ಅವರು ಬಿಬಿಸಿ ಕಾಲೇಜಿನಿಂದ ಟಿಸಿ ನೀಡುವಂತೆ ಮನವಿ ಸಲ್ಲಿಸಿದ್ದರು. ಇದರಿಂದ ಸಿಟ್ಟಾದ ಕಾಲೇಜಿನ ಚೇರ್ ಮನ್ ಡಾ. ಚನಿವಾಲ ಬಾಕಿ ಉಳಿದ 90 ಸಾವಿರ ಕಟ್ಟುವಂತೆ ಒತ್ತಾಯಿಸಿದ್ದಾರೆ.

ಕಡು ಬಡತನದ ನಡುವೆಯೂ ಮಗಳು

ಡಾಕ್ಟರ್ ಓದಬೇಕು ಎಂದು ಆಸೆ ಪಟ್ಟಿದ್ದಕ್ಕೆ ತಮ್ಮ ಬಳಿ ಇರುವ ಹಣ ಒಟ್ಟು ಮಾಡಿ ಬಿಬಿಸಿ ವೈದ್ಯಕೀಯ ಕಾಲೇಜಿಗೆ ಸೇರಿಸಲಾಗಿತ್ತು, ಆದರೆ ಇದೀಗ ಅದಕ್ಕಿಂತ ಕಡಿಮೆ ದರದ ಕಾಲೇಜು ಸಿಕ್ಕಿದ್ದರಿಂದ ಬಿಬಿಸಿ ಕಾಲೇಜಿಗೆ ತೆರಳಿ ಟಿಸಿ ನೀಡುವಂತೆ ಮನವಿ ಮಾಡಿದ್ದರು. ಕುಟುಂಬದ ಆರ್ಥಿಕ ಪರಿಸ್ಥಿತಿ

ಕೂಡ ಸರಿಯಿಲ್ಲ. ಹೀಗಿರುವಾಗ 90 ಸಾವಿರ ರೂ. ಎಲ್ಲಿಂದ ನೀಡುವುದು ಕಷ್ಟವಾಗುತ್ತದೆ ಎಂದು ಕೇಳಿಕೊಂಡಿದ್ದಾರೆ. ಇದಕ್ಕೆ ಡಾ. ಚನಿವಾಲ, ಅದಕ್ಕೆ ನಾನೇನು ಮಾಡಲು ಆಗುವುದಿಲ್ಲ, ಹಣವಿಲ್ಲದಿದ್ದರೆ ಕುತ್ತಿಗೆಯಲ್ಲಿರುವ ತಾಳಿಯನ್ನಾದರೂ ಕೊಟ್ಟು ಹೋಗಿ ಎಂದು ಒತ್ತಾಯಿಸಿದ್ದಾರೆ.

ಬೇರೆ ದಾರಿ ಕಾಣದೇ ಕಾವೇರಿಯ ತಾಯಿ ಕುತ್ತಿಗೆಯಲ್ಲಿದ್ದ ತಾಳಿಯನ್ನೇ ಬಿಚ್ಚಿಕೊಟ್ಟು ಟಿಸಿಯನ್ನು ತೆಗೆದುಕೊಂಡು ಬಂದಿದ್ದಾರೆ. ಸದ್ಯ ಈ ಘಟನೆಯಿಂದಾಗಿ ಚೇರ್ ಮನ್ ಡಾ. ಚನಿವಾಲ ವಿರುದ್ಧ ವ್ಯಾಪಕ ಆಕ್ರೋಶ ವ್ಯಕ್ತವಾಗುತ್ತಿದ್ದು, ತಾಳಿಯಂತಹ ಪವಿತ್ರವಾದ ಆಭರಣವನ್ನು ಶುಲ್ಕಕ್ಕಾಗಿ ಒತ್ತೆಯಾಗಿ ಕೇಳುವ ಚೇರ್ ಮನ್ ವಿರುದ್ಧ ಸೂಕ್ತ ಕ್ರಮಕ್ಕೆ ಆಗ್ರಹಿಸಿದ್ದಾರೆ.

ಸದ್ಯ ಈ ಘಟನೆಗೆ ಸಂಬಂಧಪಟ್ಟಂತೆ ವ್ಯಾಪಕ ಚರ್ಚೆಗಳಾಗುತ್ತಿದ್ದು, ಈ ಕೂಡಲೇ ತಾಯಿಯನ್ನು ಸಂಬಂಧಪಟ್ಟವರಿಗೆ ಹಿಂತಿರುಗಿಸಿ, ಕ್ಷಮೆ ಕೇಳುವಂತೆ ಸ್ಥಳೀಯರು ಆಗ್ರಹಿಸಿದ್ದಾರೆ.

ಅಕ್ರಮ ಗಣಿ ಆಸ್ತಿ ಜಪ್ತಿ ಕಾನೂನಿಗೆ ಅಧಿಕೃತ ಮುದ್ರೆ: ಸಚಿವ ಎಚ್.ಕೆ.ಪಾಟೀಲ್
ಬದಲಾವಣೆ ಸುದ್ದಿ

ಬೆಂಗಳೂರು: ರಾಜ್ಯದಲ್ಲಿ ಅಕ್ರಮ ಗಣಿಗಾರಿಕೆಯಿಂದ ಸೃಷ್ಟಿಯಾದ ಆಸ್ತಿಯನ್ನು ಜಪ್ತಿ ಮಾಡುವ ಜತೆಗೆ ವಸೂಲಾತಿ ಆಯುಕ್ತರ ನೇಮಕಾತಿ ಕಾನೂನಿಗೆ ರಾಜ್ಯಪಾಲರು ಅಂಕಿತ ಹಾಕಿದ್ದಾರೆ ಎಂದು ಕಾನೂನು ಸಚಿವ ಎಚ್.ಕೆ.ಪಾಟೀಲ್ ಹೇಳಿದ್ದಾರೆ.

ಮಂಡಿಸಿ, ಒಪ್ಪಿಗೆ ಪಡೆದು ಇಂದು ಅಧಿಸೂಚಿಸಿದೆ. ಒಟ್ಟಿನಲ್ಲಿ ಅಕ್ರಮ ಗಣಿಗಾರಿಕೆ ಪ್ರಕರಣಗಳಲ್ಲಿ ಮುಟ್ಟುಗೋಲು ಹಾಕಿಕೊಳ್ಳಬಹುದಾದ ಆಸ್ತಿಯನ್ನು ಗುರುತಿಸಿ, ಅಂತಹ ಆಸ್ತಿಯನ್ನು ಜಪ್ತಿ ಮಾಡಲು ಸರಕಾರಕ್ಕೆ ಅಸ್ತ್ರ ದೊರೆತಿದೆ ಎಂದು ಉಲ್ಲೇಖಿಸಿದರು.

ರಾಜ್ಯದಲ್ಲಿ

ಬುಧವಾರ ವಿಧಾನಸೌಧದಲ್ಲಿ ಸುದ್ದಿಗೋಷ್ಠಿಯನ್ನುದ್ದೇಶಿಸಿ ಮಾತನಾಡಿದ ಅವರು, ರಾಜ್ಯದಲ್ಲಿ ಲೆಕ್ಕವಿಲ್ಲದಷ್ಟು ಸಂಖ್ಯೆಯಲ್ಲಿ ಗುತ್ತಿಗೆದಾರರು, ಸಾಗಾಣಿಕೆದಾರರು, ರಫ್ತುದಾರರು, ಖರೀದಿದಾರರು, ಮಧ್ಯವರ್ತಿಗಳು ಅಕ್ರಮ ಗಣಿಗಾರಿಕೆ ಚಟುವಟಿಕೆಗಳಿಂದ ಸಂಘಟಿತ ಅಪರಾಧ ಮಾಡಿರುವುದಲ್ಲದೆ, ಅಕ್ರಮ ಆಸ್ತಿ ಸೃಷ್ಟಿಸಿದ್ದಾರೆ. ಈ ಹಿನ್ನೆಲೆ ಕಾನೂನು ರೀತ್ಯಾ ಜಪ್ತಿ ಮಾಡಲು ಸರಕಾರ ಮುಂದಾಗಿದೆ ಎಂದರು.

ಆಸ್ತಿ ಹಾಗೂ ಇತರೆ ಮೌಲ್ಯ ವಸ್ತುಗಳು ಜಪ್ತಿ, ಮುಟ್ಟುಗೋಲು ಹಾಕಿಕೊಳ್ಳುವುದಕ್ಕೆ ವಸೂಲಿ ಆಯುಕ್ತರೊಬ್ಬರ ನೇಮಕಾತಿಯ ಅವಶ್ಯಕತೆಯನ್ನು ಸರಕಾರ ಮನಗಂಡು ಈ ಅಧಿನಿಯಮವನ್ನು ವಿಧಾನ ಮಂಡಲದ ಉಭಯ ಸದನಗಳಲ್ಲಿ

ಗಣಿ ಹಗರಣಗಳಿಗೆ ತಡೆ ಹಾಕಲು ಮುಖ್ಯಮಂತ್ರಿ ಸಿದ್ದರಾಮಯ್ಯ ಅವರ ವಿಶೇಷ ಮಾರ್ಗದರ್ಶನದಲ್ಲಿ ಹಲವಾರು ಕ್ರಮಗಳನ್ನು ಸರಕಾರ ಕೈಗೊಳ್ಳಲು ಪ್ರಾರಂಭಿಸಿತ್ತು.ಇದೀಗ ಈ ಐತಿಹಾಸಿಕ ಮಸೂದೆಗೆ ರಾಜ್ಯಪಾಲರು ಅಂಕಿತ ಹಾಕುವ ಮೂಲಕ ಸರಕಾರದ ಬದ್ಧತೆಗೆ ಮುದ್ರೆ ಒತ್ತಿದ್ದಾರೆ. ಕನ್ನಡಿಗರ ಆಸ್ತಿ ಕನ್ನಡಿಗರಿಗೆ ಮರಳಿಸುವ ಉದ್ದೇಶ ಈಡೇರಿದೆ. ನಮ್ಮ ಪಕ್ಷ ಮತ್ತು ಸರಕಾರ ಈ ಮೊದಲು ಕನ್ನಡ ನಾಡಿನ ಜನತೆಗೆ ನೀಡಿದ ವಾಗ್ದಾನವನ್ನು ಸಂಪೂರ್ಣವಾಗಿ ಕಾರ್ಯಗತಗೊಳಿಸಿದೆ ಎಂದು ಸಚಿವರು ತಿಳಿಸಿದರು.
